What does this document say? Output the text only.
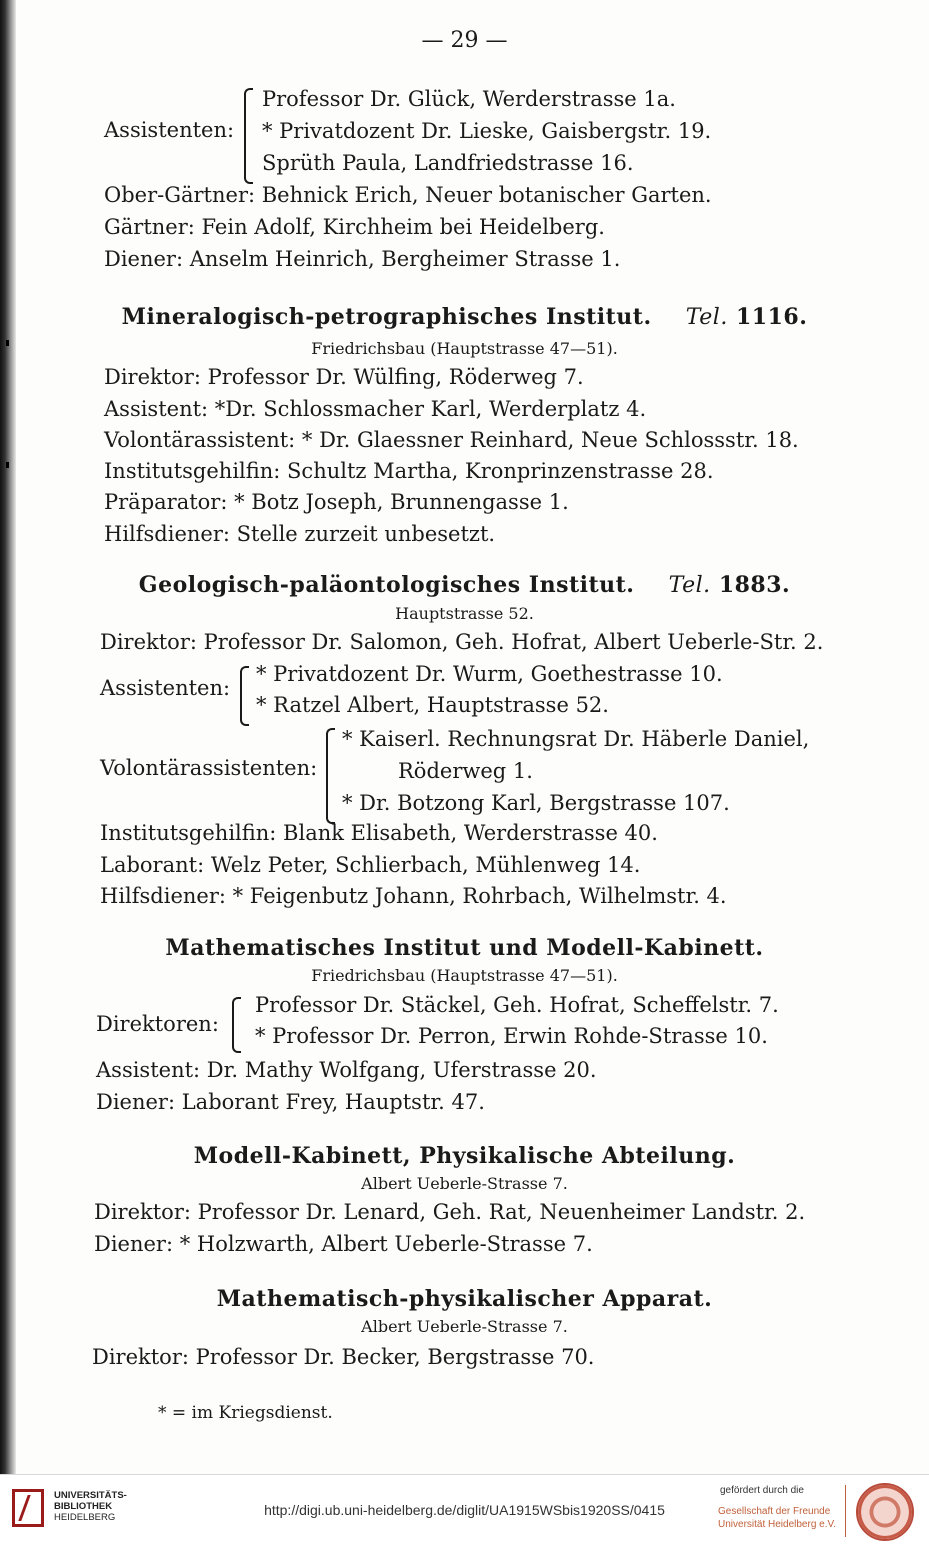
— 29 —
Assistenten:
Professor Dr. Glück, Werderstrasse 1a.
* Privatdozent Dr. Lieske, Gaisbergstr. 19.
Sprüth Paula, Landfriedstrasse 16.
Ober-Gärtner: Behnick Erich, Neuer botanischer Garten.
Gärtner: Fein Adolf, Kirchheim bei Heidelberg.
Diener: Anselm Heinrich, Bergheimer Strasse 1.
Mineralogisch-petrographisches Institut. Tel. 1116.
Friedrichsbau (Hauptstrasse 47—51).
Direktor: Professor Dr. Wülfing, Röderweg 7.
Assistent: *Dr. Schlossmacher Karl, Werderplatz 4.
Volontärassistent: * Dr. Glaessner Reinhard, Neue Schlossstr. 18.
Institutsgehilfin: Schultz Martha, Kronprinzenstrasse 28.
Präparator: * Botz Joseph, Brunnengasse 1.
Hilfsdiener: Stelle zurzeit unbesetzt.
Geologisch-paläontologisches Institut. Tel. 1883.
Hauptstrasse 52.
Direktor: Professor Dr. Salomon, Geh. Hofrat, Albert Ueberle-Str. 2.
Assistenten:
* Privatdozent Dr. Wurm, Goethestrasse 10.
* Ratzel Albert, Hauptstrasse 52.
Volontärassistenten:
* Kaiserl. Rechnungsrat Dr. Häberle Daniel,
Röderweg 1.
* Dr. Botzong Karl, Bergstrasse 107.
Institutsgehilfin: Blank Elisabeth, Werderstrasse 40.
Laborant: Welz Peter, Schlierbach, Mühlenweg 14.
Hilfsdiener: * Feigenbutz Johann, Rohrbach, Wilhelmstr. 4.
Mathematisches Institut und Modell-Kabinett.
Friedrichsbau (Hauptstrasse 47—51).
Direktoren:
Professor Dr. Stäckel, Geh. Hofrat, Scheffelstr. 7.
* Professor Dr. Perron, Erwin Rohde-Strasse 10.
Assistent: Dr. Mathy Wolfgang, Uferstrasse 20.
Diener: Laborant Frey, Hauptstr. 47.
Modell-Kabinett, Physikalische Abteilung.
Albert Ueberle-Strasse 7.
Direktor: Professor Dr. Lenard, Geh. Rat, Neuenheimer Landstr. 2.
Diener: * Holzwarth, Albert Ueberle-Strasse 7.
Mathematisch-physikalischer Apparat.
Albert Ueberle-Strasse 7.
Direktor: Professor Dr. Becker, Bergstrasse 70.
* = im Kriegsdienst.
UNIVERSITÄTS-
BIBLIOTHEK
HEIDELBERG	http://digi.ub.uni-heidelberg.de/diglit/UA1915WSbis1920SS/0415
gefördert durch die
Gesellschaft der Freunde
Universität Heidelberg e.V.
